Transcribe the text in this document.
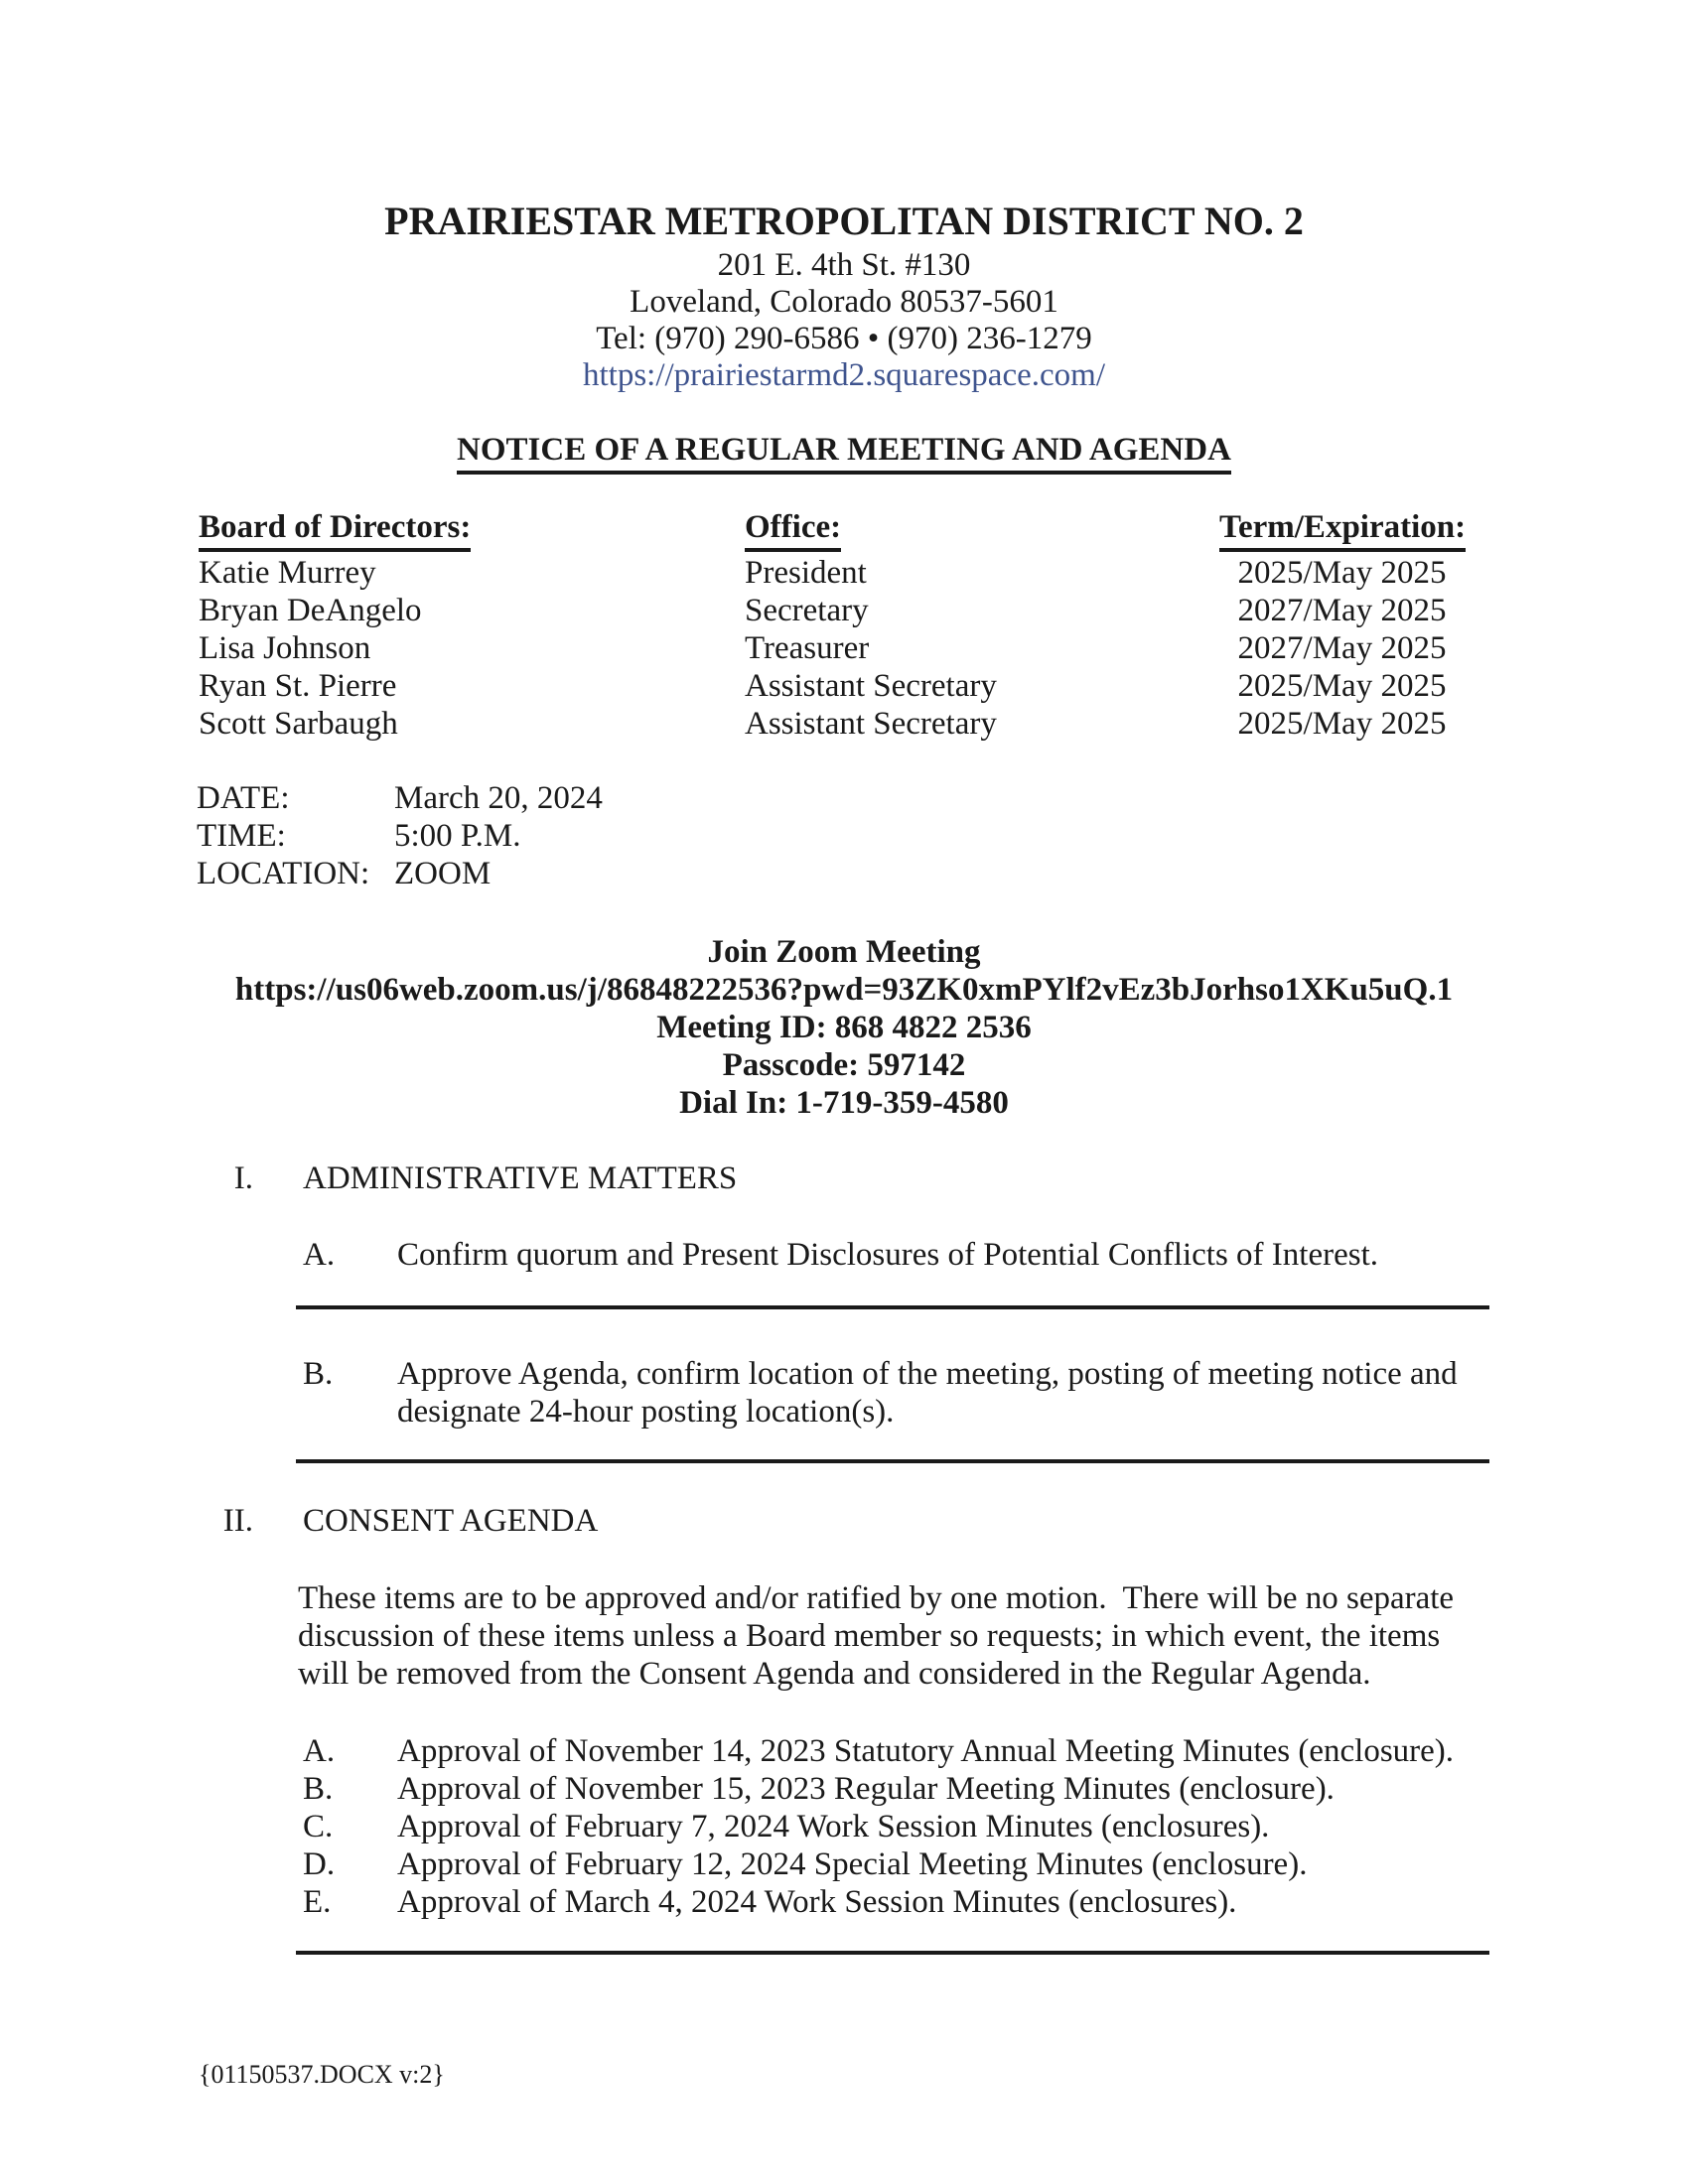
PRAIRIESTAR METROPOLITAN DISTRICT NO. 2
201 E. 4th St. #130
Loveland, Colorado 80537-5601
Tel: (970) 290-6586 • (970) 236-1279
https://prairiestarmd2.squarespace.com/
NOTICE OF A REGULAR MEETING AND AGENDA
Board of Directors:	Office:	Term/Expiration:
Katie Murrey	President	2025/May 2025
Bryan DeAngelo	Secretary	2027/May 2025
Lisa Johnson	Treasurer	2027/May 2025
Ryan St. Pierre	Assistant Secretary	2025/May 2025
Scott Sarbaugh	Assistant Secretary	2025/May 2025
DATE:	March 20, 2024
TIME:	5:00 P.M.
LOCATION: ZOOM
Join Zoom Meeting
https://us06web.zoom.us/j/86848222536?pwd=93ZK0xmPYlf2vEz3bJorhso1XKu5uQ.1
Meeting ID: 868 4822 2536
Passcode: 597142
Dial In: 1-719-359-4580
I. ADMINISTRATIVE MATTERS
A. Confirm quorum and Present Disclosures of Potential Conflicts of Interest.
B. Approve Agenda, confirm location of the meeting, posting of meeting notice and
designate 24-hour posting location(s).
II. CONSENT AGENDA
These items are to be approved and/or ratified by one motion.  There will be no separate
discussion of these items unless a Board member so requests; in which event, the items
will be removed from the Consent Agenda and considered in the Regular Agenda.
A. Approval of November 14, 2023 Statutory Annual Meeting Minutes (enclosure).
B. Approval of November 15, 2023 Regular Meeting Minutes (enclosure).
C. Approval of February 7, 2024 Work Session Minutes (enclosures).
D. Approval of February 12, 2024 Special Meeting Minutes (enclosure).
E. Approval of March 4, 2024 Work Session Minutes (enclosures).
{01150537.DOCX v:2}
